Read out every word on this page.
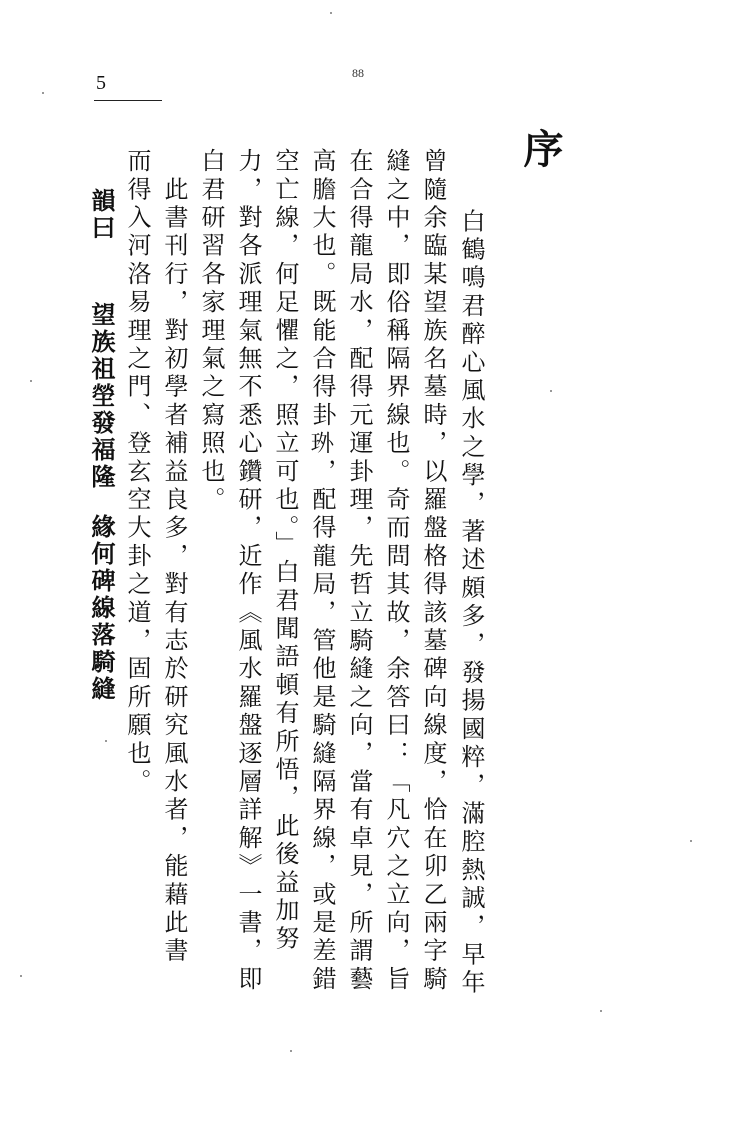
5	88
序
　白鶴鳴君醉心風水之學，著述頗多，發揚國粹，滿腔熱誠，早年
曾隨余臨某望族名墓時，以羅盤格得該墓碑向線度，恰在卯乙兩字騎
縫之中，即俗稱隔界線也。奇而問其故，余答曰：「凡穴之立向，旨
在合得龍局水，配得元運卦理，先哲立騎縫之向，當有卓見，所謂藝
高膽大也。既能合得卦𤤫，配得龍局，管他是騎縫隔界線，或是差錯
空亡線，何足懼之，照立可也。」白君聞語頓有所悟，此後益加努
力，對各派理氣無不悉心鑽研，近作《風水羅盤逐層詳解》一書，即
白君研習各家理氣之寫照也。
　此書刊行，對初學者補益良多，對有志於研究風水者，能藉此書
而得入河洛易理之門、登玄空大卦之道，固所願也。
韻曰
望族祖塋發福隆
緣何碑線落騎縫
